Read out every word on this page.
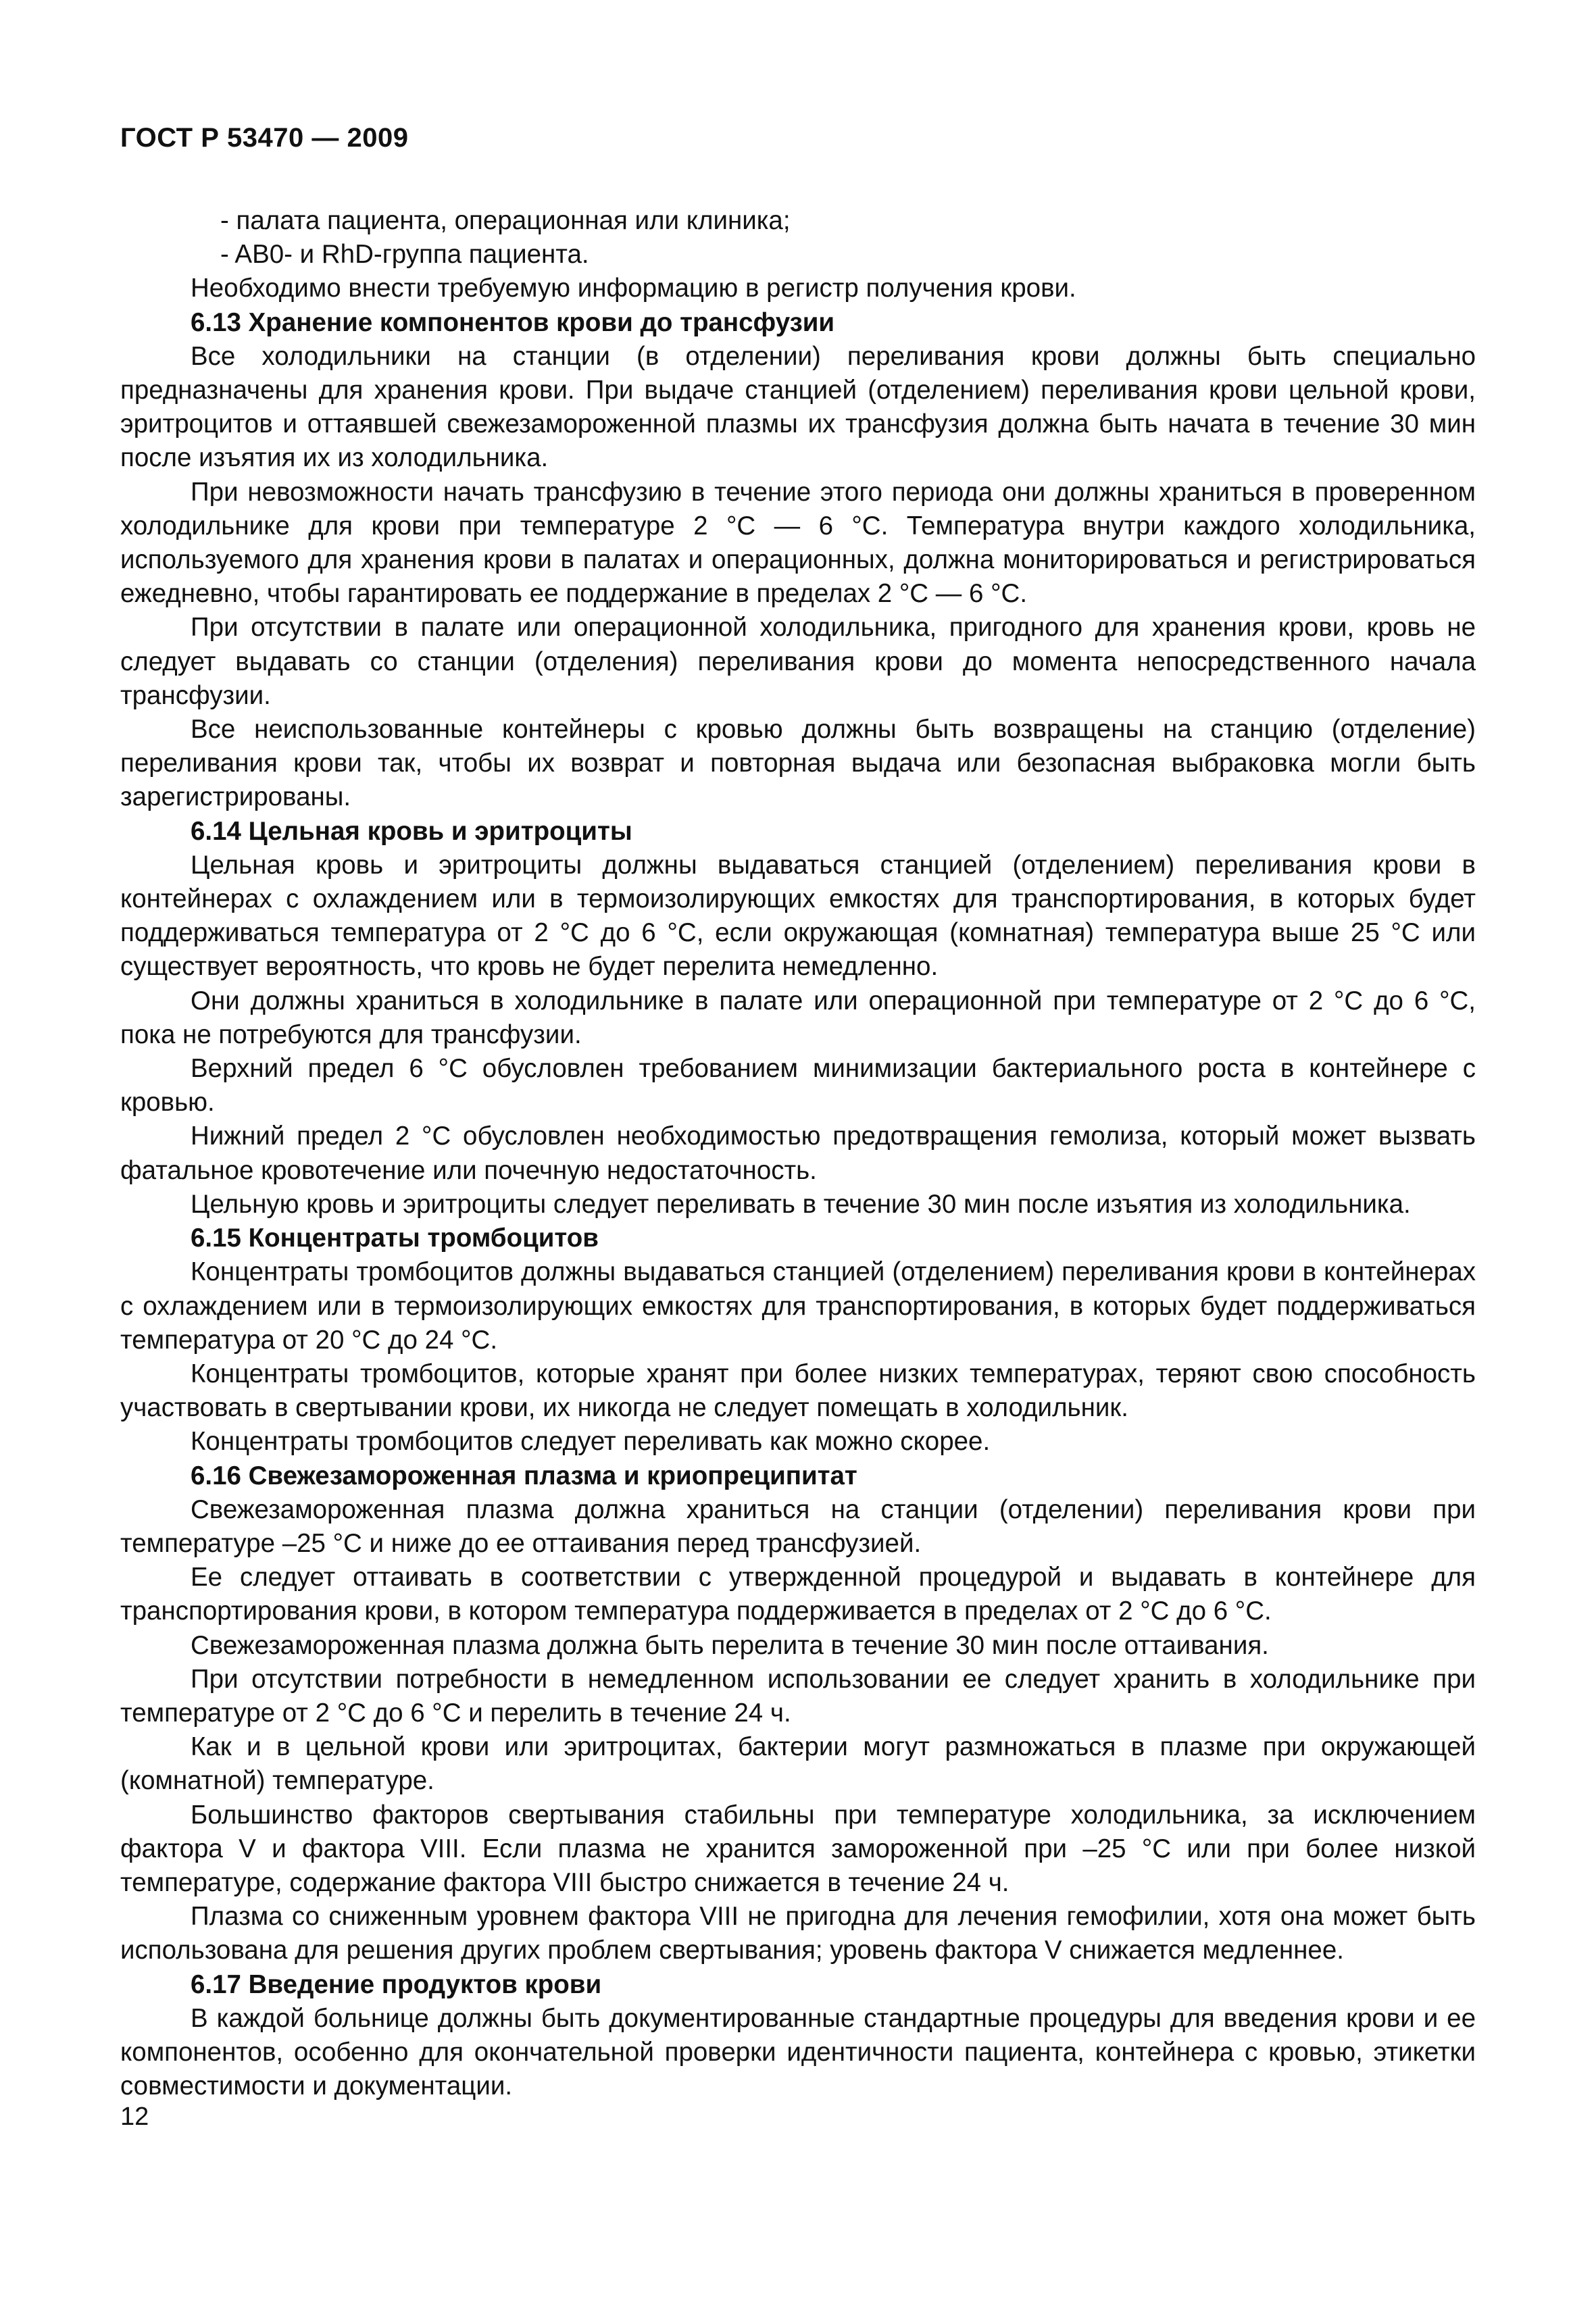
ГОСТ Р 53470 — 2009

- палата пациента, операционная или клиника;

- AB0- и RhD-группа пациента.

Необходимо внести требуемую информацию в регистр получения крови.

6.13 Хранение компонентов крови до трансфузии

Все холодильники на станции (в отделении) переливания крови должны быть специально предназначены для хранения крови. При выдаче станцией (отделением) переливания крови цельной крови, эритроцитов и оттаявшей свежезамороженной плазмы их трансфузия должна быть начата в течение 30 мин после изъятия их из холодильника.

При невозможности начать трансфузию в течение этого периода они должны храниться в проверенном холодильнике для крови при температуре 2 °С — 6 °С. Температура внутри каждого холодильника, используемого для хранения крови в палатах и операционных, должна мониторироваться и регистрироваться ежедневно, чтобы гарантировать ее поддержание в пределах 2 °С — 6 °С.

При отсутствии в палате или операционной холодильника, пригодного для хранения крови, кровь не следует выдавать со станции (отделения) переливания крови до момента непосредственного начала трансфузии.

Все неиспользованные контейнеры с кровью должны быть возвращены на станцию (отделение) переливания крови так, чтобы их возврат и повторная выдача или безопасная выбраковка могли быть зарегистрированы.

6.14 Цельная кровь и эритроциты

Цельная кровь и эритроциты должны выдаваться станцией (отделением) переливания крови в контейнерах с охлаждением или в термоизолирующих емкостях для транспортирования, в которых будет поддерживаться температура от 2 °С до 6 °С, если окружающая (комнатная) температура выше 25 °С или существует вероятность, что кровь не будет перелита немедленно.

Они должны храниться в холодильнике в палате или операционной при температуре от 2 °С до 6 °С, пока не потребуются для трансфузии.

Верхний предел 6 °С обусловлен требованием минимизации бактериального роста в контейнере с кровью.

Нижний предел 2 °С обусловлен необходимостью предотвращения гемолиза, который может вызвать фатальное кровотечение или почечную недостаточность.

Цельную кровь и эритроциты следует переливать в течение 30 мин после изъятия из холодильника.

6.15 Концентраты тромбоцитов

Концентраты тромбоцитов должны выдаваться станцией (отделением) переливания крови в контейнерах с охлаждением или в термоизолирующих емкостях для транспортирования, в которых будет поддерживаться температура от 20 °С до 24 °С.

Концентраты тромбоцитов, которые хранят при более низких температурах, теряют свою способность участвовать в свертывании крови, их никогда не следует помещать в холодильник.

Концентраты тромбоцитов следует переливать как можно скорее.

6.16 Свежезамороженная плазма и криопреципитат

Свежезамороженная плазма должна храниться на станции (отделении) переливания крови при температуре –25 °С и ниже до ее оттаивания перед трансфузией.

Ее следует оттаивать в соответствии с утвержденной процедурой и выдавать в контейнере для транспортирования крови, в котором температура поддерживается в пределах от 2 °С до 6 °С.

Свежезамороженная плазма должна быть перелита в течение 30 мин после оттаивания.

При отсутствии потребности в немедленном использовании ее следует хранить в холодильнике при температуре от 2 °С до 6 °С и перелить в течение 24 ч.

Как и в цельной крови или эритроцитах, бактерии могут размножаться в плазме при окружающей (комнатной) температуре.

Большинство факторов свертывания стабильны при температуре холодильника, за исключением фактора V и фактора VIII. Если плазма не хранится замороженной при –25 °С или при более низкой температуре, содержание фактора VIII быстро снижается в течение 24 ч.

Плазма со сниженным уровнем фактора VIII не пригодна для лечения гемофилии, хотя она может быть использована для решения других проблем свертывания; уровень фактора V снижается медленнее.

6.17 Введение продуктов крови

В каждой больнице должны быть документированные стандартные процедуры для введения крови и ее компонентов, особенно для окончательной проверки идентичности пациента, контейнера с кровью, этикетки совместимости и документации.

12
